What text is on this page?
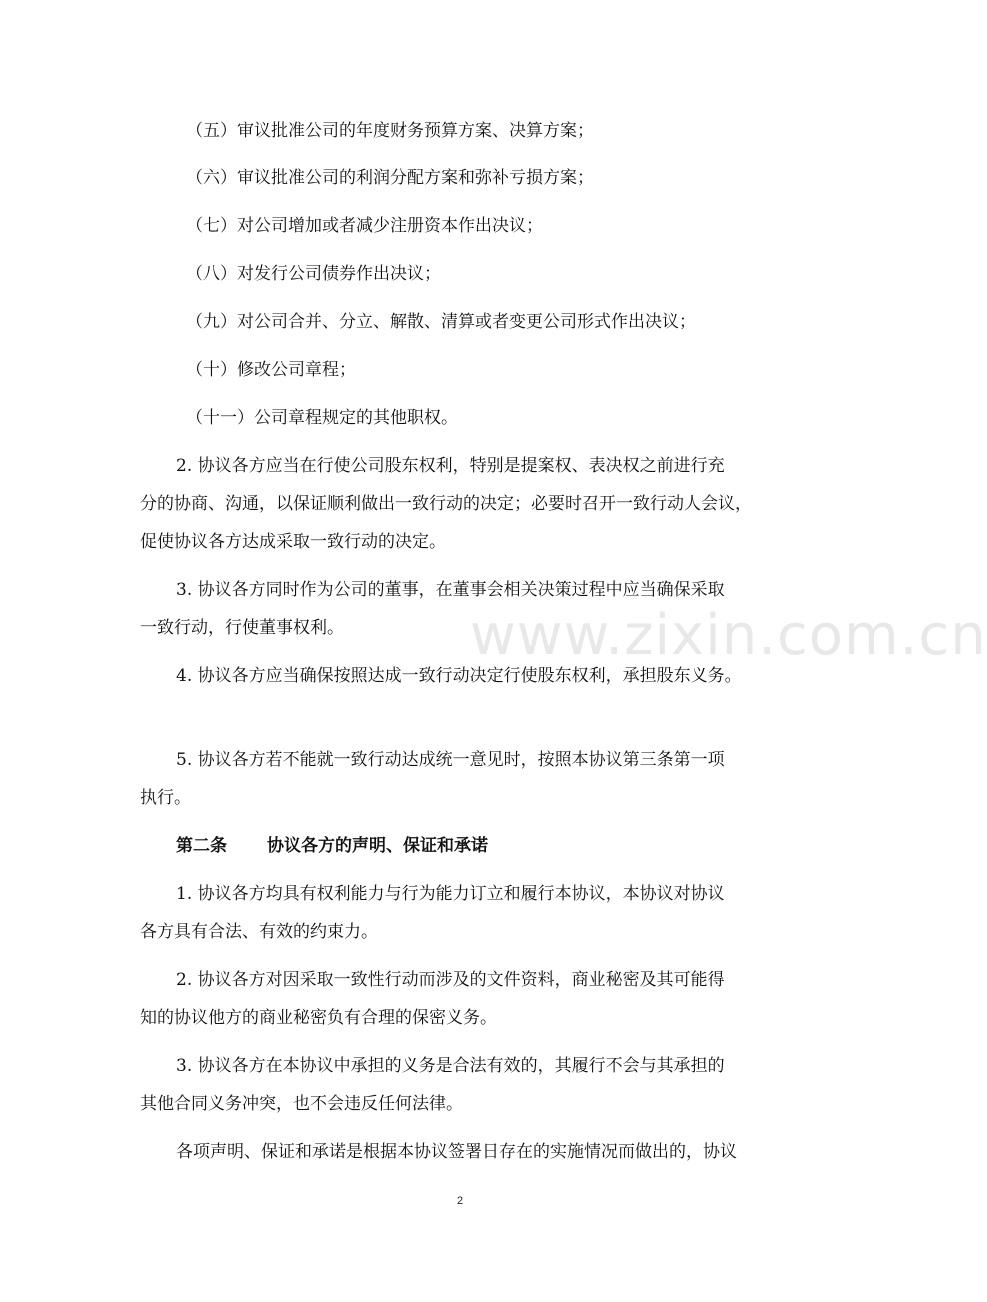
（五）审议批准公司的年度财务预算方案、决算方案；
（六）审议批准公司的利润分配方案和弥补亏损方案；
（七）对公司增加或者减少注册资本作出决议；
（八）对发行公司债券作出决议；
（九）对公司合并、分立、解散、清算或者变更公司形式作出决议；
（十）修改公司章程；
（十一）公司章程规定的其他职权。
2. 协议各方应当在行使公司股东权利，特别是提案权、表决权之前进行充
分的协商、沟通，以保证顺利做出一致行动的决定；必要时召开一致行动人会议，
促使协议各方达成采取一致行动的决定。
3. 协议各方同时作为公司的董事，在董事会相关决策过程中应当确保采取
一致行动，行使董事权利。
4. 协议各方应当确保按照达成一致行动决定行使股东权利，承担股东义务。
5. 协议各方若不能就一致行动达成统一意见时，按照本协议第三条第一项
执行。
第二条 协议各方的声明、保证和承诺
1. 协议各方均具有权利能力与行为能力订立和履行本协议，本协议对协议
各方具有合法、有效的约束力。
2. 协议各方对因采取一致性行动而涉及的文件资料，商业秘密及其可能得
知的协议他方的商业秘密负有合理的保密义务。
3. 协议各方在本协议中承担的义务是合法有效的，其履行不会与其承担的
其他合同义务冲突，也不会违反任何法律。
各项声明、保证和承诺是根据本协议签署日存在的实施情况而做出的，协议
www.zixin.com.cn
2
